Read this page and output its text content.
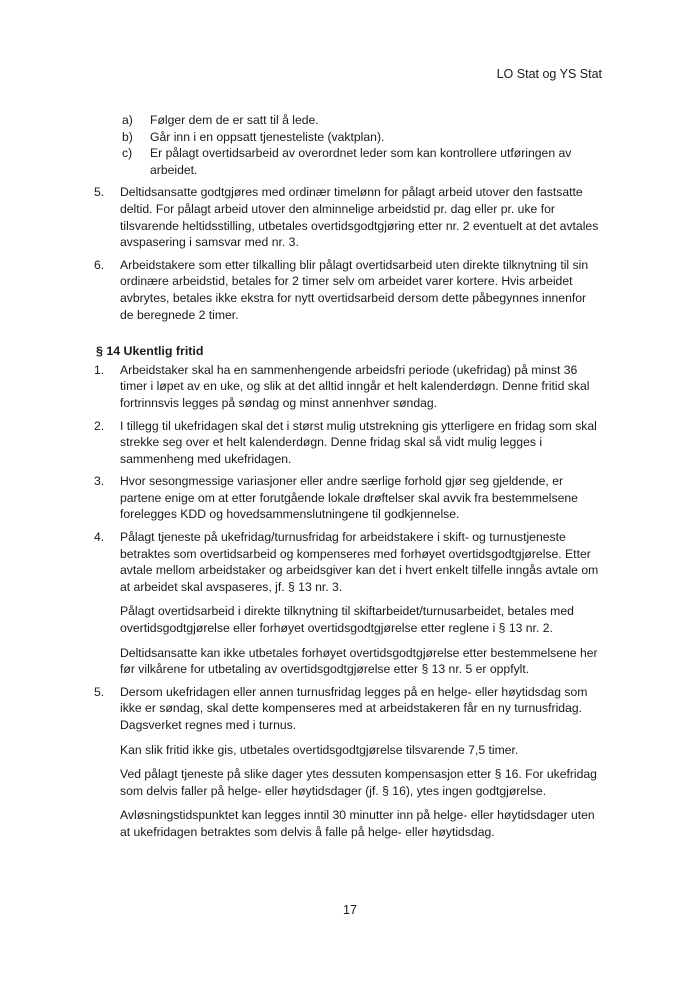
LO Stat og YS Stat
a)	Følger dem de er satt til å lede.
b)	Går inn i en oppsatt tjenesteliste (vaktplan).
c)	Er pålagt overtidsarbeid av overordnet leder som kan kontrollere utføringen av arbeidet.
5.	Deltidsansatte godtgjøres med ordinær timelønn for pålagt arbeid utover den fastsatte deltid. For pålagt arbeid utover den alminnelige arbeidstid pr. dag eller pr. uke for tilsvarende heltidsstilling, utbetales overtidsgodtgjøring etter nr. 2 eventuelt at det avtales avspasering i samsvar med nr. 3.

6.	Arbeidstakere som etter tilkalling blir pålagt overtidsarbeid uten direkte tilknytning til sin ordinære arbeidstid, betales for 2 timer selv om arbeidet varer kortere. Hvis arbeidet avbrytes, betales ikke ekstra for nytt overtidsarbeid dersom dette påbegynnes innenfor de beregnede 2 timer.

§ 14 Ukentlig fritid
1.	Arbeidstaker skal ha en sammenhengende arbeidsfri periode (ukefridag) på minst 36 timer i løpet av en uke, og slik at det alltid inngår et helt kalenderdøgn. Denne fritid skal fortrinnsvis legges på søndag og minst annenhver søndag.

2.	I tillegg til ukefridagen skal det i størst mulig utstrekning gis ytterligere en fridag som skal strekke seg over et helt kalenderdøgn. Denne fridag skal så vidt mulig legges i sammenheng med ukefridagen.

3.	Hvor sesongmessige variasjoner eller andre særlige forhold gjør seg gjeldende, er partene enige om at etter forutgående lokale drøftelser skal avvik fra bestemmelsene forelegges KDD og hovedsammenslutningene til godkjennelse.

4.	Pålagt tjeneste på ukefridag/turnusfridag for arbeidstakere i skift- og turnustjeneste betraktes som overtidsarbeid og kompenseres med forhøyet overtidsgodtgjørelse. Etter avtale mellom arbeidstaker og arbeidsgiver kan det i hvert enkelt tilfelle inngås avtale om at arbeidet skal avspaseres, jf. § 13 nr. 3.

Pålagt overtidsarbeid i direkte tilknytning til skiftarbeidet/turnusarbeidet, betales med overtidsgodtgjørelse eller forhøyet overtidsgodtgjørelse etter reglene i § 13 nr. 2.

Deltidsansatte kan ikke utbetales forhøyet overtidsgodtgjørelse etter bestemmelsene her før vilkårene for utbetaling av overtidsgodtgjørelse etter § 13 nr. 5 er oppfylt.

5.	Dersom ukefridagen eller annen turnusfridag legges på en helge- eller høytidsdag som ikke er søndag, skal dette kompenseres med at arbeidstakeren får en ny turnusfridag. Dagsverket regnes med i turnus.

Kan slik fritid ikke gis, utbetales overtidsgodtgjørelse tilsvarende 7,5 timer.

Ved pålagt tjeneste på slike dager ytes dessuten kompensasjon etter § 16. For ukefridag som delvis faller på helge- eller høytidsdager (jf. § 16), ytes ingen godtgjørelse.

Avløsningstidspunktet kan legges inntil 30 minutter inn på helge- eller høytidsdager uten at ukefridagen betraktes som delvis å falle på helge- eller høytidsdag.

17
